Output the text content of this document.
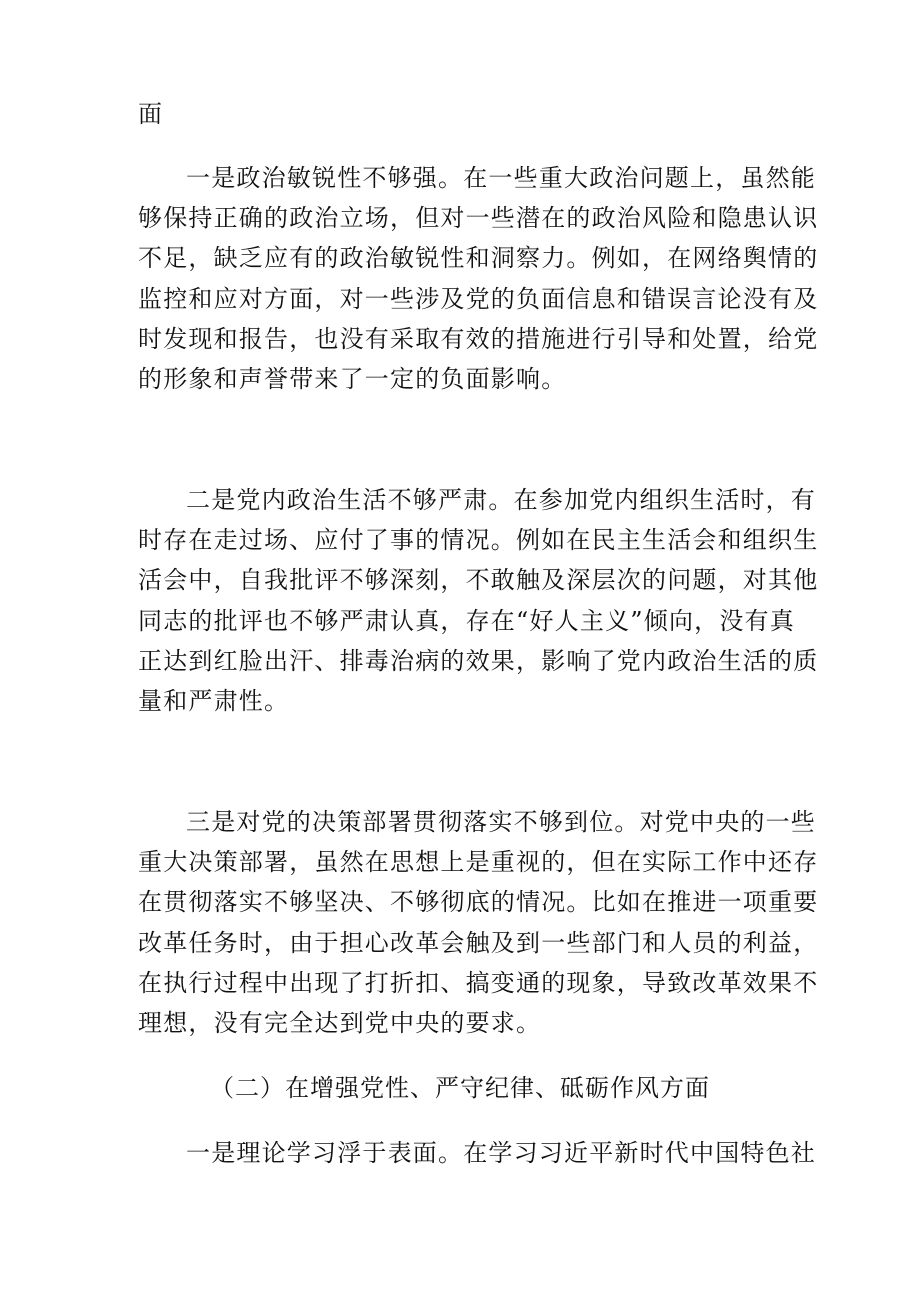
面
一是政治敏锐性不够强。在一些重大政治问题上，虽然能
够保持正确的政治立场，但对一些潜在的政治风险和隐患认识
不足，缺乏应有的政治敏锐性和洞察力。例如，在网络舆情的
监控和应对方面，对一些涉及党的负面信息和错误言论没有及
时发现和报告，也没有采取有效的措施进行引导和处置，给党
的形象和声誉带来了一定的负面影响。
二是党内政治生活不够严肃。在参加党内组织生活时，有
时存在走过场、应付了事的情况。例如在民主生活会和组织生
活会中，自我批评不够深刻，不敢触及深层次的问题，对其他
同志的批评也不够严肃认真，存在“好人主义”倾向，没有真
正达到红脸出汗、排毒治病的效果，影响了党内政治生活的质
量和严肃性。
三是对党的决策部署贯彻落实不够到位。对党中央的一些
重大决策部署，虽然在思想上是重视的，但在实际工作中还存
在贯彻落实不够坚决、不够彻底的情况。比如在推进一项重要
改革任务时，由于担心改革会触及到一些部门和人员的利益，
在执行过程中出现了打折扣、搞变通的现象，导致改革效果不
理想，没有完全达到党中央的要求。
（二）在增强党性、严守纪律、砥砺作风方面
一是理论学习浮于表面。在学习习近平新时代中国特色社
